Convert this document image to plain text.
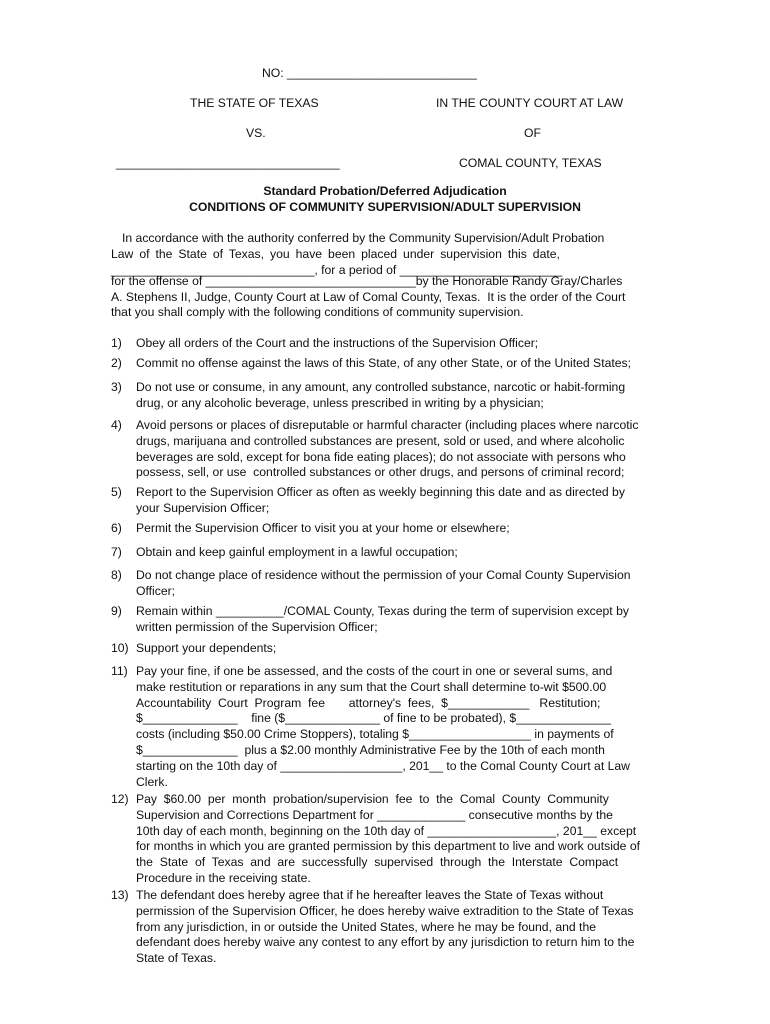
NO: ____________________________
THE STATE OF TEXAS	IN THE COUNTY COURT AT LAW
VS.	OF
_________________________________	COMAL COUNTY, TEXAS
Standard Probation/Deferred Adjudication
CONDITIONS OF COMMUNITY SUPERVISION/ADULT SUPERVISION
In accordance with the authority conferred by the Community Supervision/Adult Probation
Law of the State of Texas, you have been placed under supervision this date,
______________________________, for a period of ________________________
for the offense of _______________________________by the Honorable Randy Gray/Charles
A. Stephens II, Judge, County Court at Law of Comal County, Texas.  It is the order of the Court
that you shall comply with the following conditions of community supervision.
1) Obey all orders of the Court and the instructions of the Supervision Officer;
2) Commit no offense against the laws of this State, of any other State, or of the United States;
3) Do not use or consume, in any amount, any controlled substance, narcotic or habit-forming
drug, or any alcoholic beverage, unless prescribed in writing by a physician;
4) Avoid persons or places of disreputable or harmful character (including places where narcotic
drugs, marijuana and controlled substances are present, sold or used, and where alcoholic
beverages are sold, except for bona fide eating places); do not associate with persons who
possess, sell, or use  controlled substances or other drugs, and persons of criminal record;
5) Report to the Supervision Officer as often as weekly beginning this date and as directed by
your Supervision Officer;
6) Permit the Supervision Officer to visit you at your home or elsewhere;
7) Obtain and keep gainful employment in a lawful occupation;
8) Do not change place of residence without the permission of your Comal County Supervision
Officer;
9) Remain within __________/COMAL County, Texas during the term of supervision except by
written permission of the Supervision Officer;
10) Support your dependents;
11) Pay your fine, if one be assessed, and the costs of the court in one or several sums, and
make restitution or reparations in any sum that the Court shall determine to-wit $500.00
Accountability  Court  Program  fee       attorney's  fees,  $____________   Restitution;
$______________    fine ($______________ of fine to be probated), $______________
costs (including $50.00 Crime Stoppers), totaling $__________________ in payments of
$______________  plus a $2.00 monthly Administrative Fee by the 10th of each month
starting on the 10th day of __________________, 201__ to the Comal County Court at Law
Clerk.
12) Pay  $60.00  per  month  probation/supervision  fee  to  the  Comal  County  Community
Supervision and Corrections Department for _____________ consecutive months by the
10th day of each month, beginning on the 10th day of ___________________, 201__ except
for months in which you are granted permission by this department to live and work outside of
the  State  of  Texas  and  are  successfully  supervised  through  the  Interstate  Compact
Procedure in the receiving state.
13) The defendant does hereby agree that if he hereafter leaves the State of Texas without
permission of the Supervision Officer, he does hereby waive extradition to the State of Texas
from any jurisdiction, in or outside the United States, where he may be found, and the
defendant does hereby waive any contest to any effort by any jurisdiction to return him to the
State of Texas.
